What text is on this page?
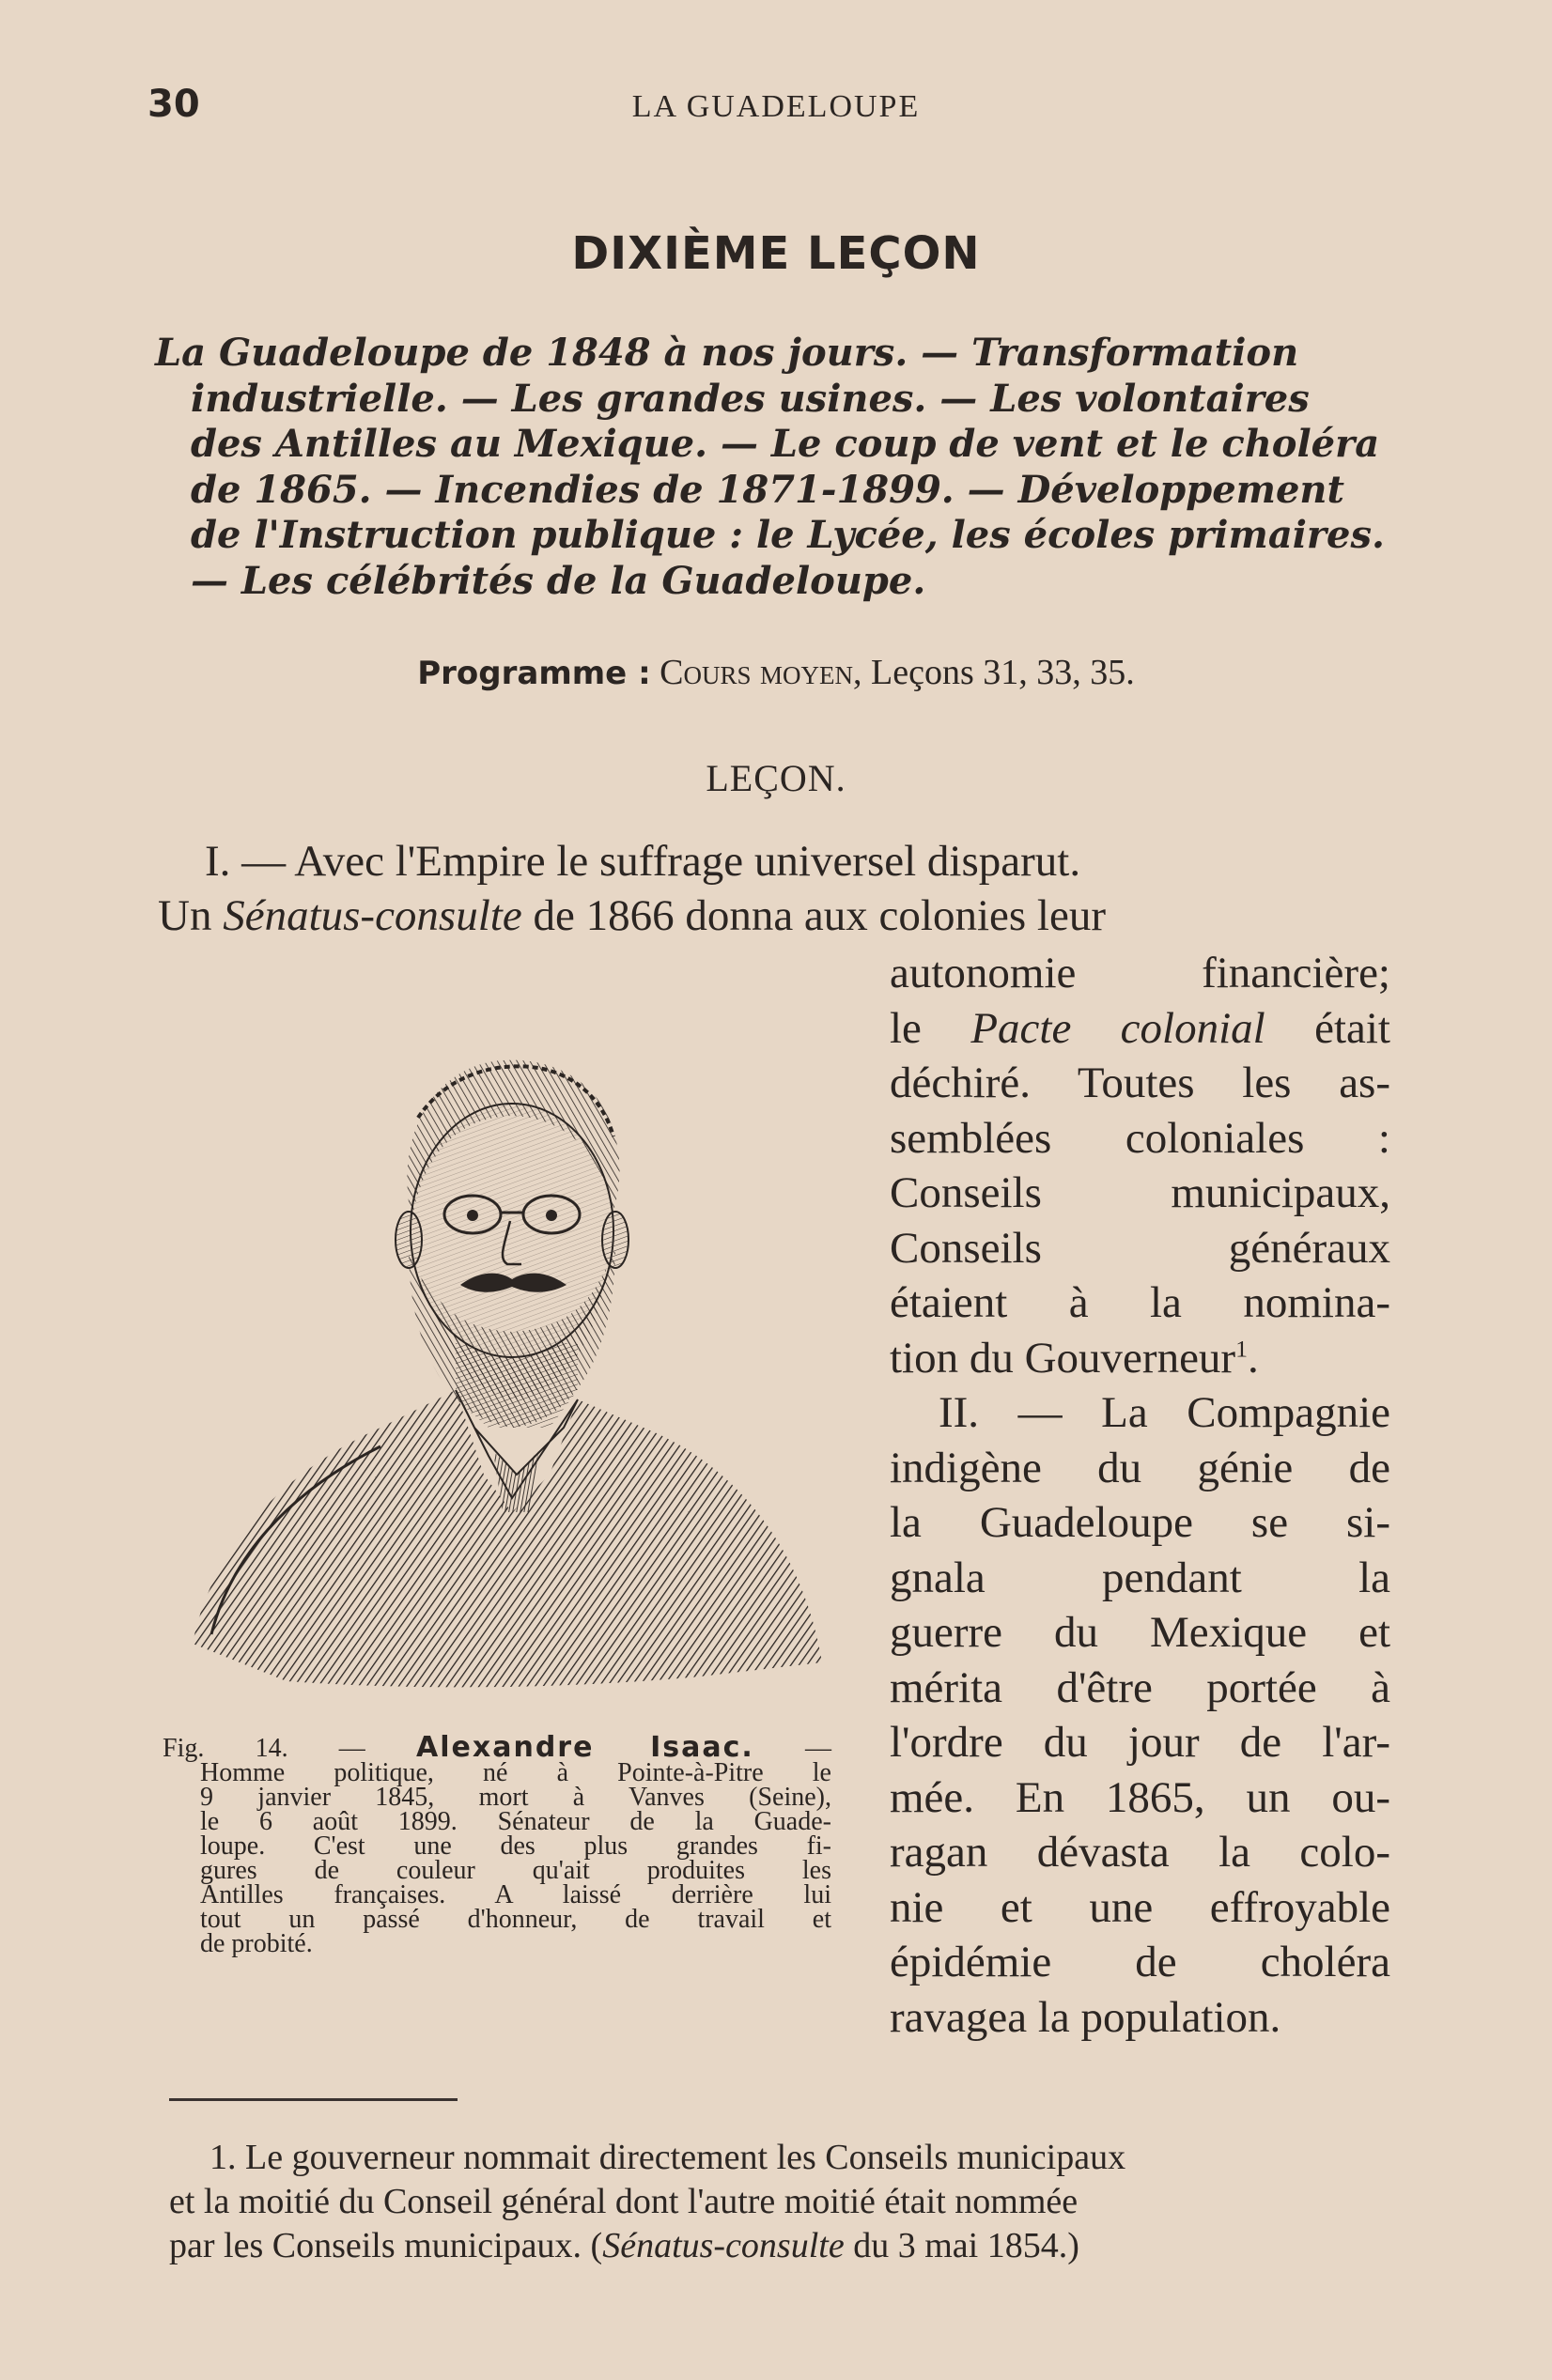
30	LA GUADELOUPE
DIXIÈME LEÇON
La Guadeloupe de 1848 à nos jours. — Transformation
industrielle. — Les grandes usines. — Les volontaires
des Antilles au Mexique. — Le coup de vent et le choléra
de 1865. — Incendies de 1871-1899. — Développement
de l'Instruction publique : le Lycée, les écoles primaires.
— Les célébrités de la Guadeloupe.
Programme : Cours moyen, Leçons 31, 33, 35.
LEÇON.
I. — Avec l'Empire le suffrage universel disparut.
Un Sénatus-consulte de 1866 donna aux colonies leur
autonomie financière;
le Pacte colonial était
déchiré. Toutes les as-
semblées coloniales :
Conseils municipaux,
Conseils généraux
étaient à la nomina-
tion du Gouverneur$^1$.
II. — La Compagnie
indigène du génie de
la Guadeloupe se si-
gnala pendant la
guerre du Mexique et
mérita d'être portée à
l'ordre du jour de l'ar-
mée. En 1865, un ou-
ragan dévasta la colo-
nie et une effroyable
épidémie de choléra
ravagea la population.
Fig. 14. — Alexandre Isaac. —
Homme politique, né à Pointe-à-Pitre le
9 janvier 1845, mort à Vanves (Seine),
le 6 août 1899. Sénateur de la Guade-
loupe. C'est une des plus grandes fi-
gures de couleur qu'ait produites les
Antilles françaises. A laissé derrière lui
tout un passé d'honneur, de travail et
de probité.
1. Le gouverneur nommait directement les Conseils municipaux
et la moitié du Conseil général dont l'autre moitié était nommée
par les Conseils municipaux. (Sénatus-consulte du 3 mai 1854.)
